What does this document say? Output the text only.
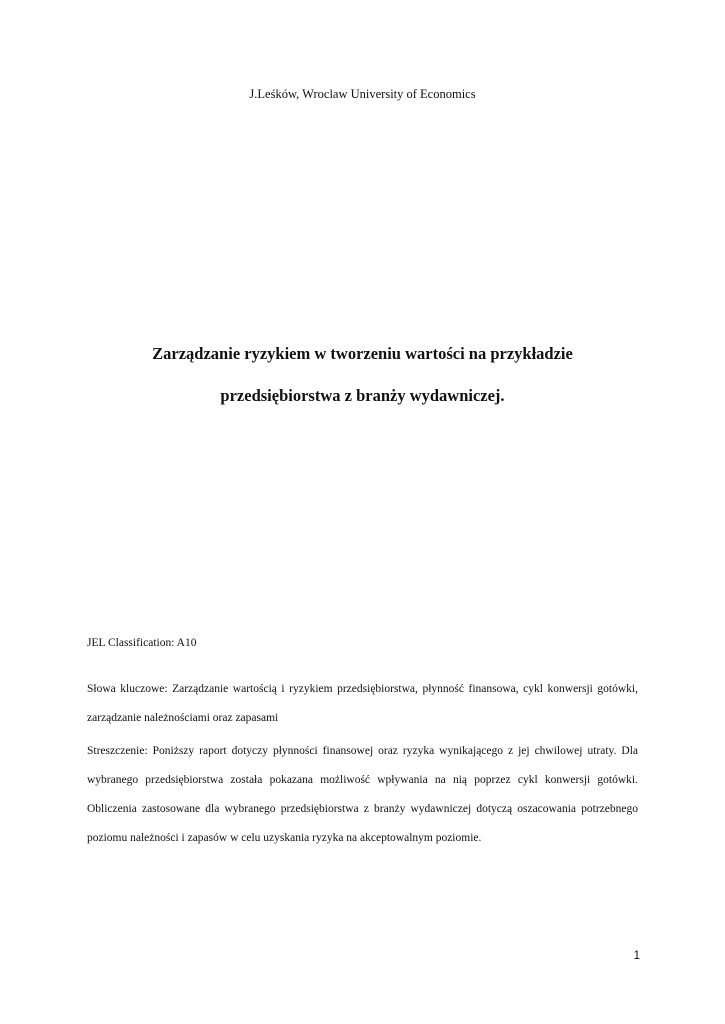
J.Leśków, Wroclaw University of Economics
Zarządzanie ryzykiem w tworzeniu wartości na przykładzie
przedsiębiorstwa z branży wydawniczej.
JEL Classification: A10
Słowa kluczowe: Zarządzanie wartością i ryzykiem przedsiębiorstwa, płynność finansowa, cykl konwersji gotówki, zarządzanie należnościami oraz zapasami
Streszczenie: Poniższy raport dotyczy płynności finansowej oraz ryzyka wynikającego z jej chwilowej utraty. Dla wybranego przedsiębiorstwa została pokazana możliwość wpływania na nią poprzez cykl konwersji gotówki. Obliczenia zastosowane dla wybranego przedsiębiorstwa z branży wydawniczej dotyczą oszacowania potrzebnego poziomu należności i zapasów w celu uzyskania ryzyka na akceptowalnym poziomie.
1
